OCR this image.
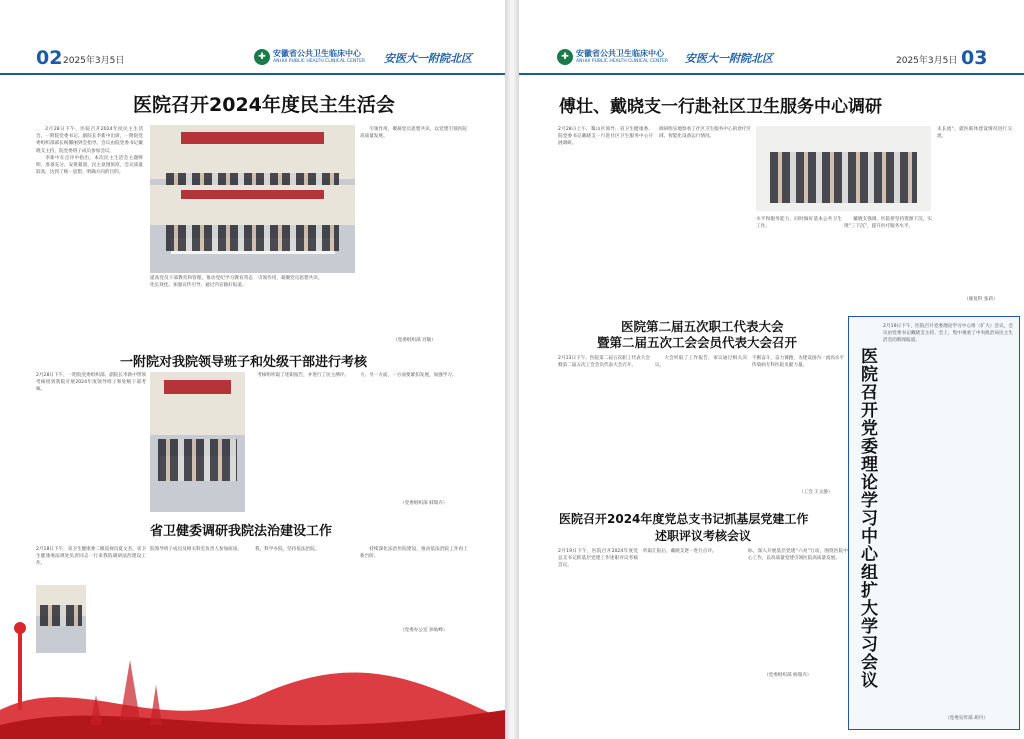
02 2025年3月5日	✚ 安徽省公共卫生临床中心
ANHUI PUBLIC HEALTH CLINICAL CENTER 安医大一附院北区
医院召开2024年度民主生活会

2月28日下午，医院召开2024年度民主生活会。一附院党委书记、副院长李新中出席，一附院党委组织部部长杨馨丽到会指导。会议由院党委书记戴晓支主持，院党委班子成员参加会议。

李新中在点评中指出，本次民主生活会主题鲜明、准备充分、安排紧凑，民主氛围浓厚，会议质量较高，达到了统一思想、明确方向的目的。

提高党员干部教育和管理、推动党纪学习教育常态化长效化。加强宣传引导，通过内宣做好报道。
引领作用，凝聚党员思想共识。

引领作用，聚凝党员思想共识，以党建引领医院高质量发展。

（党委组织部 宫敏）
一附院对我院领导班子和处级干部进行考核
2月28日下午，一附院党委组织部、副院长李新中带领考核组到我院开展2024年度领导班子和处级干部考核。

考核组听取了述职报告，并进行了民主测评。	力、另一方面，一方面要紧扣发展，加强学习。
（党委组织部 韩瑞卉）
省卫健委调研我院法治建设工作
2月18日下午，省卫生健康委二级巡视员夏文杰，省卫生健康委法规处负责同志一行来我院调研法治建设工作。
院领导班子成员及相关科室负责人参加座谈。	我，科学办院，坚持依法治院。	持续深化法治医院建设，推动依法治院工作再上新台阶。

（党委办公室 孙灿峰）
✚ 安徽省公共卫生临床中心
ANHUI PUBLIC HEALTH CLINICAL CENTER 安医大一附院北区	2025年3月5日 03
傅壮、戴晓支一行赴社区卫生服务中心调研
2月28日上午，蜀山区领导、省卫生健康委、院党委书记戴晓支一行赴社区卫生服务中心开展调研。
调研组实地察看了社区卫生服务中心的诊疗区域、智能化设备运行情况。
水平和服务能力，同时做好基本公共卫生工作。

戴晓支强调，医院将坚持资源下沉，实现“三下沉”，提升医疗服务水平。

未长流“，就医联体建设情况进行交流。
（雍复科 张莉）
医院第二届五次职工代表大会
暨第二届五次工会会员代表大会召开
2月13日下午，医院第二届五次职工代表大会暨第二届五次工会会员代表大会召开。

大会听取了工作报告，审议通过相关决议。

不断奋斗，奋力赛跑，为建设国内一流高水平传染病专科医院贡献力量。
（工会 王文静）
医院召开2024年度党总支书记抓基层党建工作
述职评议考核会议
2月19日下午，医院召开2024年度党总支书记抓基层党建工作述职评议考核会议。
听取汇报后，戴晓支逐一进行点评。	标，深入开展基层党建“六亮”行动，围绕医院中心工作，以高质量党建引领医院高质量发展。
（党委组织部 杨瑞卉）	医院召开党委理论学习中心组扩大学习会议
2月19日下午，医院召开党委理论学习中心组（扩大）会议，会议由党委书记戴晓支主持。会上，集中观看了中央政治局民主生活会的新闻报道。
（党委宣传部 胡丹）
